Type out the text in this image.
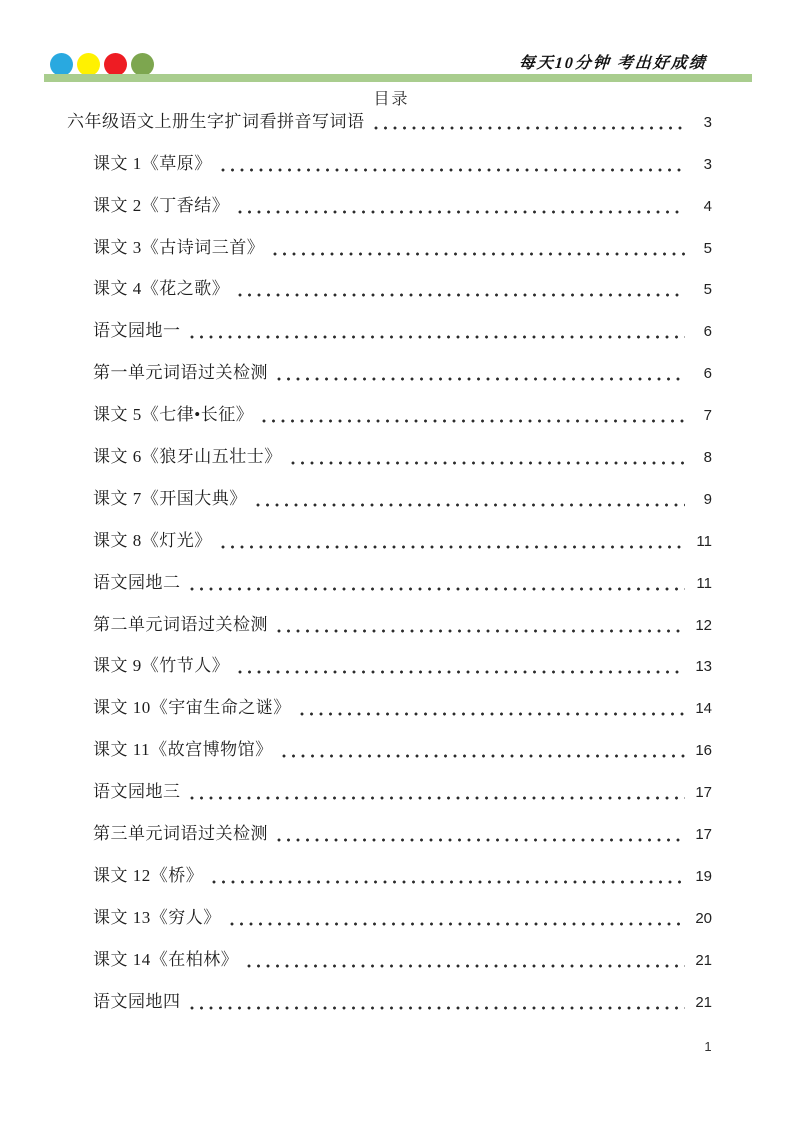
每天10分钟 考出好成绩
目录
六年级语文上册生字扩词看拼音写词语	3
课文 1《草原》	3
课文 2《丁香结》	4
课文 3《古诗词三首》	5
课文 4《花之歌》	5
语文园地一	6
第一单元词语过关检测	6
课文 5《七律•长征》	7
课文 6《狼牙山五壮士》	8
课文 7《开国大典》	9
课文 8《灯光》	11
语文园地二	11
第二单元词语过关检测	12
课文 9《竹节人》	13
课文 10《宇宙生命之谜》	14
课文 11《故宫博物馆》	16
语文园地三	17
第三单元词语过关检测	17
课文 12《桥》	19
课文 13《穷人》	20
课文 14《在柏林》	21
语文园地四	21
1
